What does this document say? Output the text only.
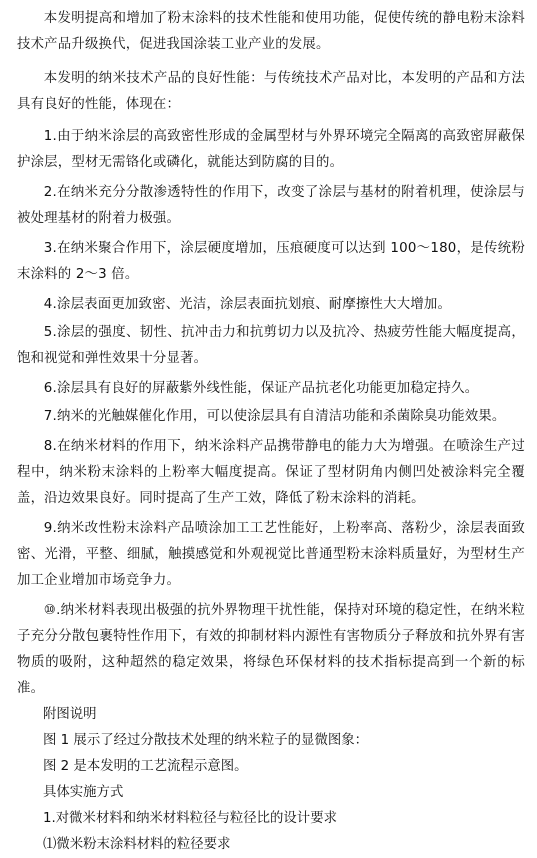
本发明提高和增加了粉末涂料的技术性能和使用功能，促使传统的静电粉末涂料技术产品升级换代，促进我国涂装工业产业的发展。

本发明的纳米技术产品的良好性能：与传统技术产品对比，本发明的产品和方法具有良好的性能，体现在：

1.由于纳米涂层的高致密性形成的金属型材与外界环境完全隔离的高致密屏蔽保护涂层，型材无需铬化或磷化，就能达到防腐的目的。

2.在纳米充分分散渗透特性的作用下，改变了涂层与基材的附着机理，使涂层与被处理基材的附着力极强。

3.在纳米聚合作用下，涂层硬度增加，压痕硬度可以达到 100～180，是传统粉末涂料的 2～3 倍。

4.涂层表面更加致密、光洁，涂层表面抗划痕、耐摩擦性大大增加。

5.涂层的强度、韧性、抗冲击力和抗剪切力以及抗冷、热疲劳性能大幅度提高，饱和视觉和弹性效果十分显著。

6.涂层具有良好的屏蔽紫外线性能，保证产品抗老化功能更加稳定持久。

7.纳米的光触媒催化作用，可以使涂层具有自清洁功能和杀菌除臭功能效果。

8.在纳米材料的作用下，纳米涂料产品携带静电的能力大为增强。在喷涂生产过程中，纳米粉末涂料的上粉率大幅度提高。保证了型材阴角内侧凹处被涂料完全覆盖，沿边效果良好。同时提高了生产工效，降低了粉末涂料的消耗。

9.纳米改性粉末涂料产品喷涂加工工艺性能好，上粉率高、落粉少，涂层表面致密、光滑，平整、细腻，触摸感觉和外观视觉比普通型粉末涂料质量好，为型材生产加工企业增加市场竞争力。

⑩.纳米材料表现出极强的抗外界物理干扰性能，保持对环境的稳定性，在纳米粒子充分分散包裹特性作用下，有效的抑制材料内源性有害物质分子释放和抗外界有害物质的吸附，这种超然的稳定效果，将绿色环保材料的技术指标提高到一个新的标准。

附图说明

图 1 展示了经过分散技术处理的纳米粒子的显微图象：

图 2 是本发明的工艺流程示意图。

具体实施方式

1.对微米材料和纳米材料粒径与粒径比的设计要求

⑴微米粉末涂料材料的粒径要求
